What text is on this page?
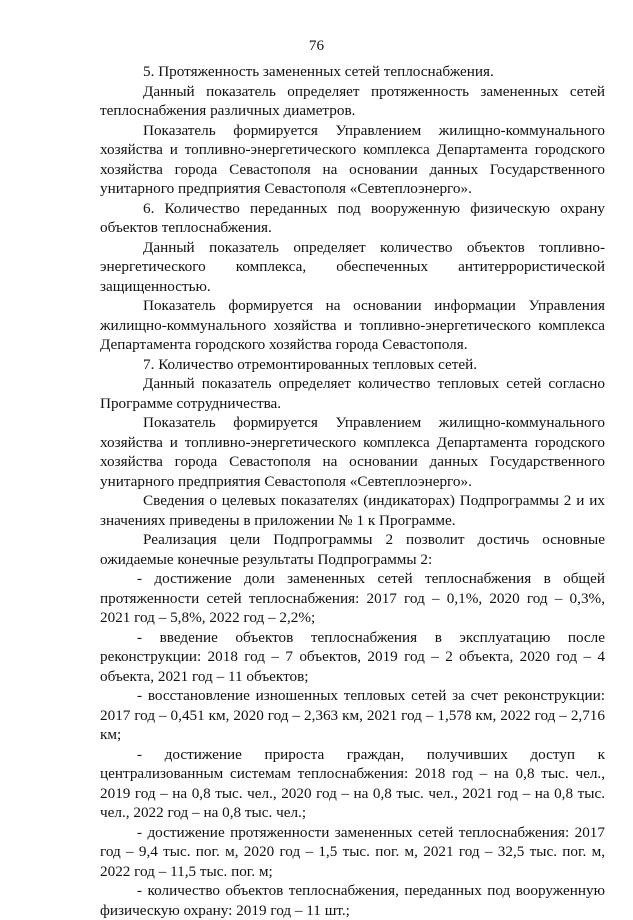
76

5. Протяженность замененных сетей теплоснабжения.

Данный показатель определяет протяженность замененных сетей теплоснабжения различных диаметров.

Показатель формируется Управлением жилищно-коммунального хозяйства и топливно-энергетического комплекса Департамента городского хозяйства города Севастополя на основании данных Государственного унитарного предприятия Севастополя «Севтеплоэнерго».

6. Количество переданных под вооруженную физическую охрану объектов теплоснабжения.

Данный показатель определяет количество объектов топливно-энергетического комплекса, обеспеченных антитеррористической защищенностью.

Показатель формируется на основании информации Управления жилищно-коммунального хозяйства и топливно-энергетического комплекса Департамента городского хозяйства города Севастополя.

7. Количество отремонтированных тепловых сетей.

Данный показатель определяет количество тепловых сетей согласно Программе сотрудничества.

Показатель формируется Управлением жилищно-коммунального хозяйства и топливно-энергетического комплекса Департамента городского хозяйства города Севастополя на основании данных Государственного унитарного предприятия Севастополя «Севтеплоэнерго».

Сведения о целевых показателях (индикаторах) Подпрограммы 2 и их значениях приведены в приложении № 1 к Программе.

Реализация цели Подпрограммы 2 позволит достичь основные ожидаемые конечные результаты Подпрограммы 2:

- достижение доли замененных сетей теплоснабжения в общей протяженности сетей теплоснабжения: 2017 год – 0,1%, 2020 год – 0,3%, 2021 год – 5,8%, 2022 год – 2,2%;

- введение объектов теплоснабжения в эксплуатацию после реконструкции: 2018 год – 7 объектов, 2019 год – 2 объекта, 2020 год – 4 объекта, 2021 год – 11 объектов;

- восстановление изношенных тепловых сетей за счет реконструкции: 2017 год – 0,451 км, 2020 год – 2,363 км, 2021 год – 1,578 км, 2022 год – 2,716 км;

- достижение прироста граждан, получивших доступ к централизованным системам теплоснабжения: 2018 год – на 0,8 тыс. чел., 2019 год – на 0,8 тыс. чел., 2020 год – на 0,8 тыс. чел., 2021 год – на 0,8 тыс. чел., 2022 год – на 0,8 тыс. чел.;

- достижение протяженности замененных сетей теплоснабжения: 2017 год – 9,4 тыс. пог. м, 2020 год – 1,5 тыс. пог. м, 2021 год – 32,5 тыс. пог. м, 2022 год – 11,5 тыс. пог. м;

- количество объектов теплоснабжения, переданных под вооруженную физическую охрану: 2019 год – 11 шт.;
